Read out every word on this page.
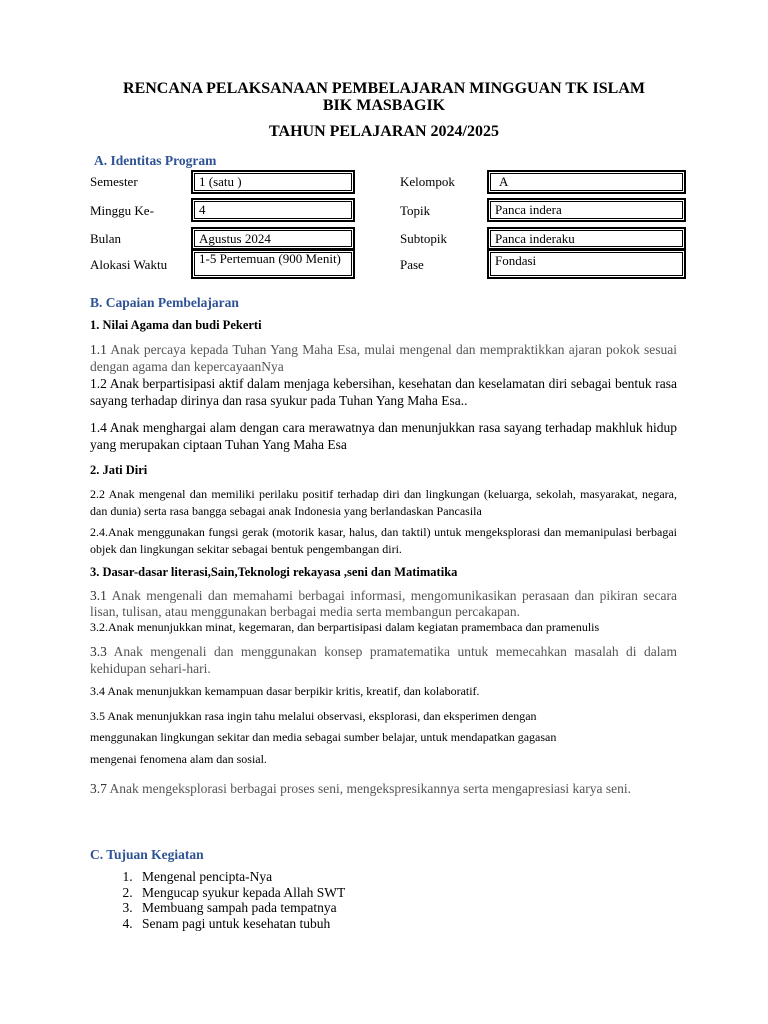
RENCANA PELAKSANAAN PEMBELAJARAN MINGGUAN TK ISLAM
BIK MASBAGIK
TAHUN PELAJARAN 2024/2025
A. Identitas Program
Semester	1 (satu )
Minggu Ke-	4
Bulan	Agustus 2024
Alokasi Waktu	1-5 Pertemuan (900 Menit)
Kelompok	A
Topik	Panca indera
Subtopik	Panca inderaku
Pase	Fondasi
B. Capaian Pembelajaran
1. Nilai Agama dan budi Pekerti
1.1 Anak percaya kepada Tuhan Yang Maha Esa, mulai mengenal dan mempraktikkan ajaran pokok sesuai dengan agama dan kepercayaanNya
1.2 Anak berpartisipasi aktif dalam menjaga kebersihan, kesehatan dan keselamatan diri sebagai bentuk rasa sayang terhadap dirinya dan rasa syukur pada Tuhan Yang Maha Esa..
1.4 Anak menghargai alam dengan cara merawatnya dan menunjukkan rasa sayang terhadap makhluk hidup yang merupakan ciptaan Tuhan Yang Maha Esa
2. Jati Diri
2.2 Anak mengenal dan memiliki perilaku positif terhadap diri dan lingkungan (keluarga, sekolah, masyarakat, negara, dan dunia) serta rasa bangga sebagai anak Indonesia yang berlandaskan Pancasila
2.4.Anak menggunakan fungsi gerak (motorik kasar, halus, dan taktil) untuk mengeksplorasi dan memanipulasi berbagai objek dan lingkungan sekitar sebagai bentuk pengembangan diri.
3. Dasar-dasar literasi,Sain,Teknologi rekayasa ,seni dan Matimatika
3.1 Anak mengenali dan memahami berbagai informasi, mengomunikasikan perasaan dan pikiran secara lisan, tulisan, atau menggunakan berbagai media serta membangun percakapan.
3.2.Anak menunjukkan minat, kegemaran, dan berpartisipasi dalam kegiatan pramembaca dan pramenulis
3.3 Anak mengenali dan menggunakan konsep pramatematika untuk memecahkan masalah di dalam kehidupan sehari-hari.
3.4 Anak menunjukkan kemampuan dasar berpikir kritis, kreatif, dan kolaboratif.
3.5 Anak menunjukkan rasa ingin tahu melalui observasi, eksplorasi, dan eksperimen dengan
menggunakan lingkungan sekitar dan media sebagai sumber belajar, untuk mendapatkan gagasan
mengenai fenomena alam dan sosial.
3.7 Anak mengeksplorasi berbagai proses seni, mengekspresikannya serta mengapresiasi karya seni.
C. Tujuan Kegiatan
1. Mengenal pencipta-Nya
2. Mengucap syukur kepada Allah SWT
3. Membuang sampah pada tempatnya
4. Senam pagi untuk kesehatan tubuh
